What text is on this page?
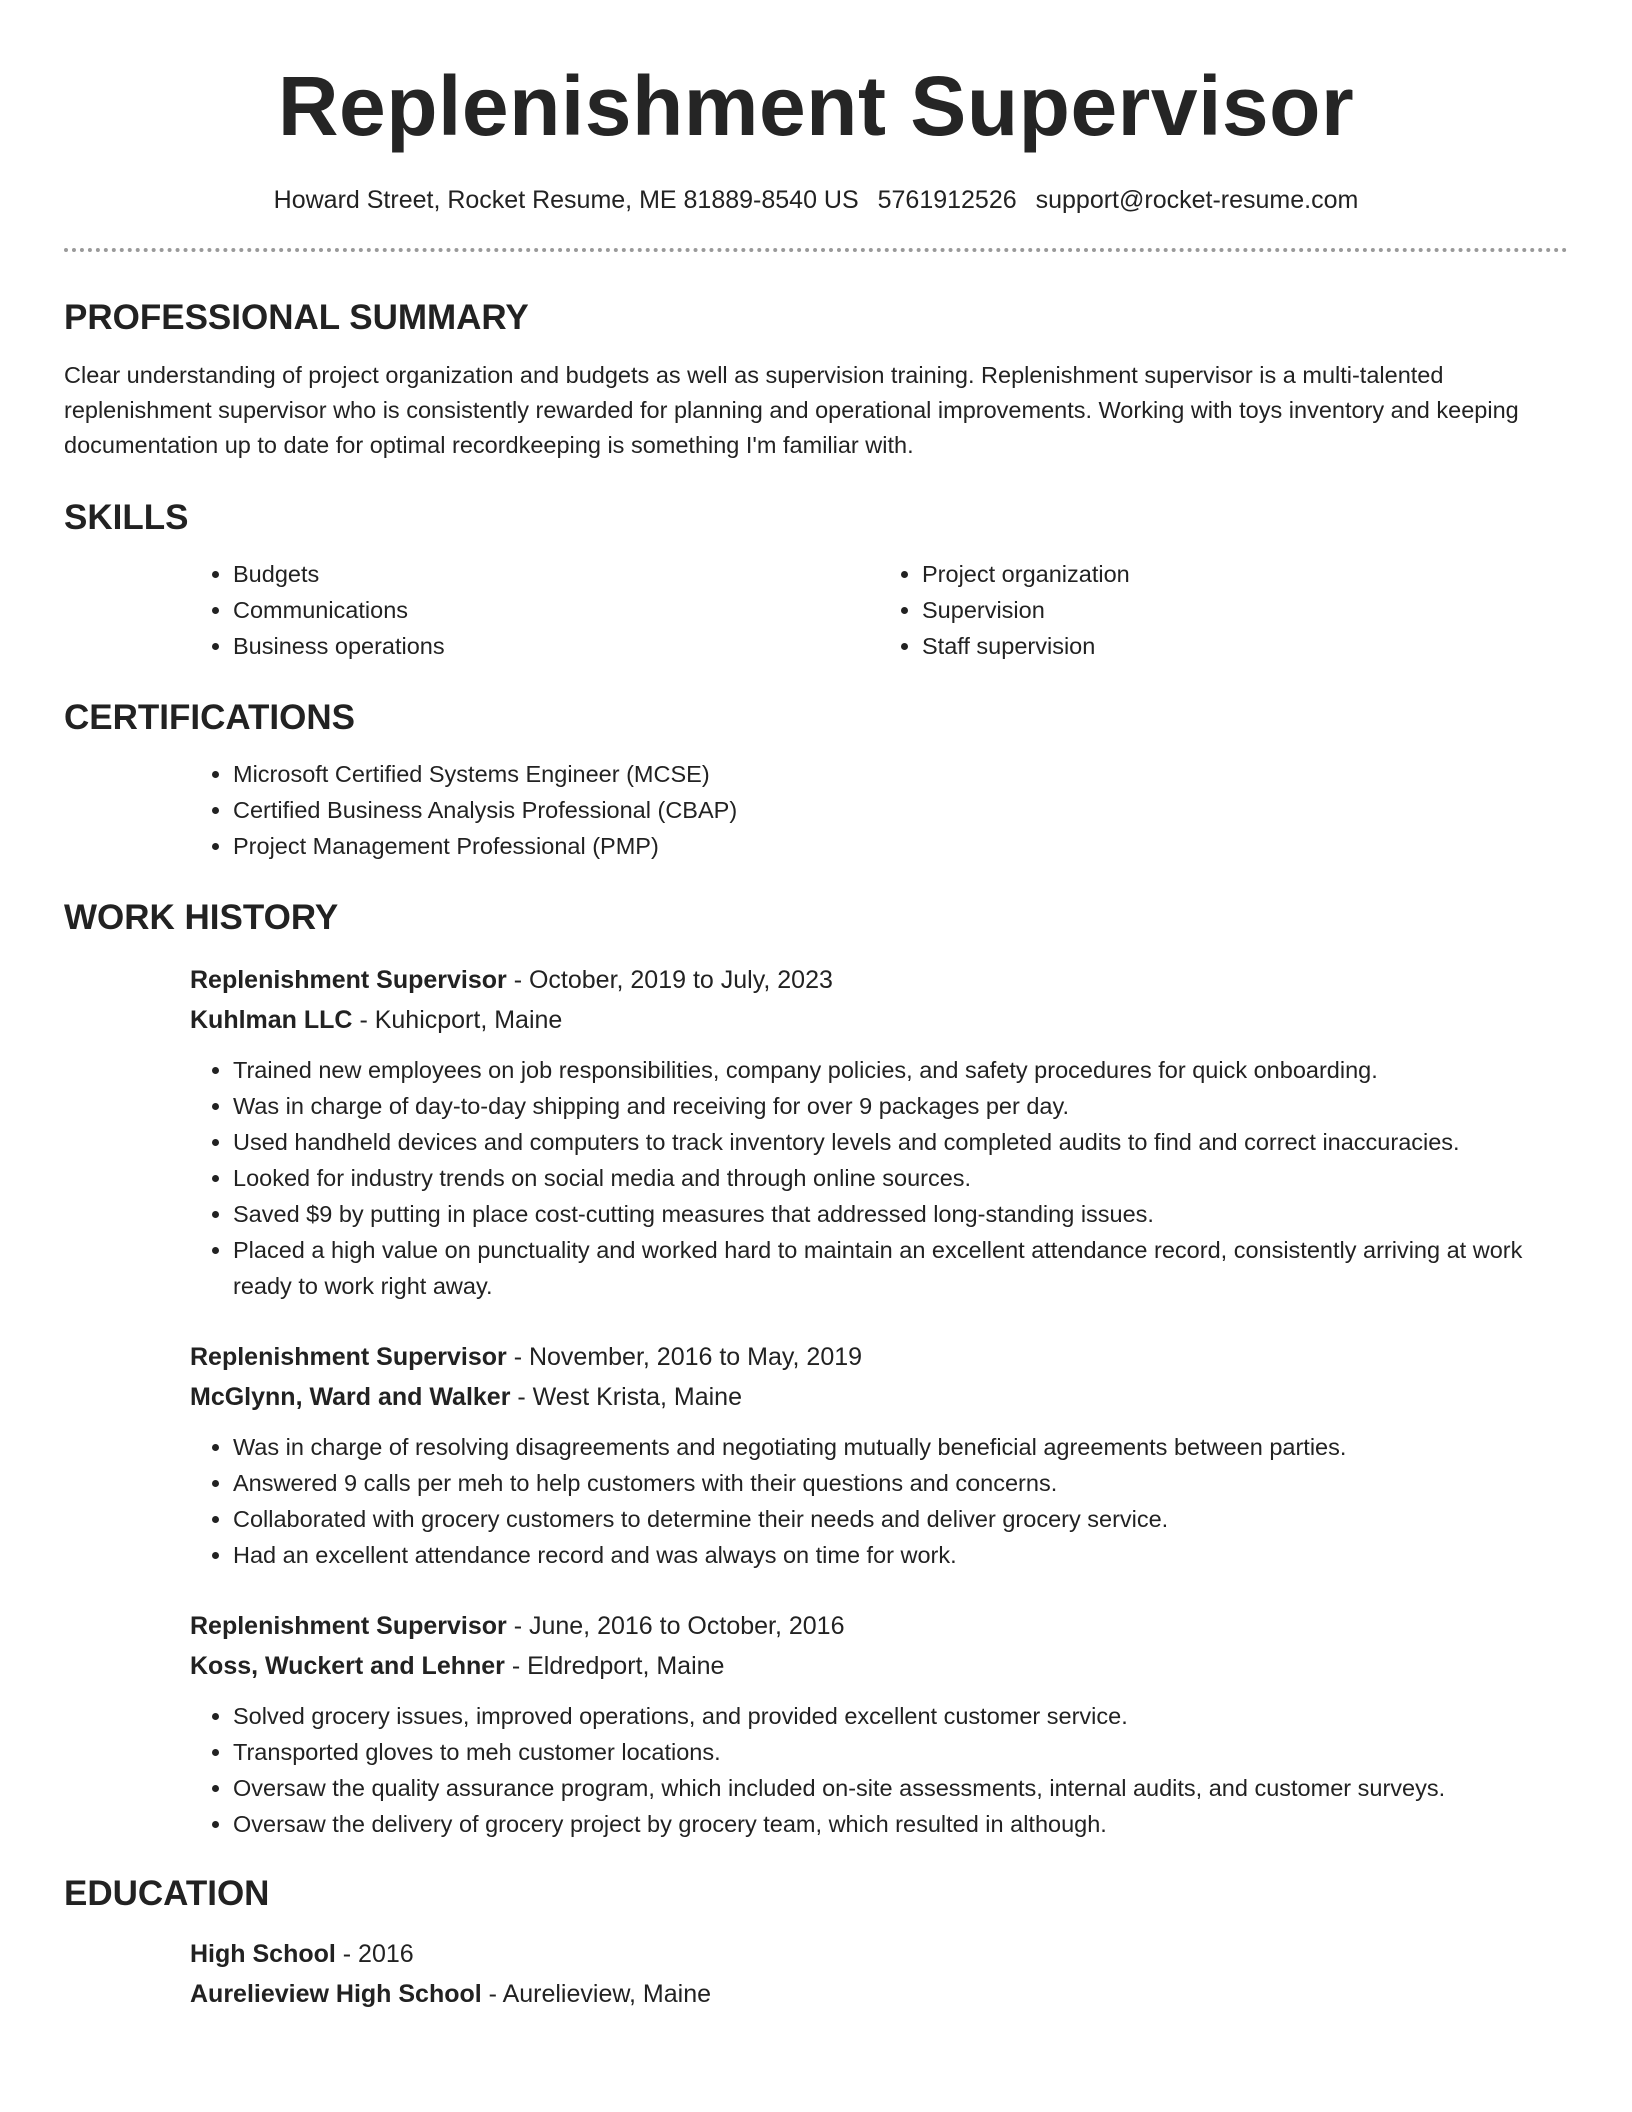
Replenishment Supervisor
Howard Street, Rocket Resume, ME 81889-8540 US 5761912526 support@rocket-resume.com
PROFESSIONAL SUMMARY

Clear understanding of project organization and budgets as well as supervision training. Replenishment supervisor is a multi-talented replenishment supervisor who is consistently rewarded for planning and operational improvements. Working with toys inventory and keeping documentation up to date for optimal recordkeeping is something I'm familiar with.

SKILLS
• Budgets
• Communications
• Business operations
• Project organization
• Supervision
• Staff supervision
CERTIFICATIONS
• Microsoft Certified Systems Engineer (MCSE)
• Certified Business Analysis Professional (CBAP)
• Project Management Professional (PMP)
WORK HISTORY

Replenishment Supervisor - October, 2019 to July, 2023

Kuhlman LLC - Kuhicport, Maine

• Trained new employees on job responsibilities, company policies, and safety procedures for quick onboarding.
• Was in charge of day-to-day shipping and receiving for over 9 packages per day.
• Used handheld devices and computers to track inventory levels and completed audits to find and correct inaccuracies.
• Looked for industry trends on social media and through online sources.
• Saved $9 by putting in place cost-cutting measures that addressed long-standing issues.
• Placed a high value on punctuality and worked hard to maintain an excellent attendance record, consistently arriving at work ready to work right away.

Replenishment Supervisor - November, 2016 to May, 2019

McGlynn, Ward and Walker - West Krista, Maine

• Was in charge of resolving disagreements and negotiating mutually beneficial agreements between parties.
• Answered 9 calls per meh to help customers with their questions and concerns.
• Collaborated with grocery customers to determine their needs and deliver grocery service.
• Had an excellent attendance record and was always on time for work.

Replenishment Supervisor - June, 2016 to October, 2016

Koss, Wuckert and Lehner - Eldredport, Maine

• Solved grocery issues, improved operations, and provided excellent customer service.
• Transported gloves to meh customer locations.
• Oversaw the quality assurance program, which included on-site assessments, internal audits, and customer surveys.
• Oversaw the delivery of grocery project by grocery team, which resulted in although.
EDUCATION

High School - 2016

Aurelieview High School - Aurelieview, Maine
